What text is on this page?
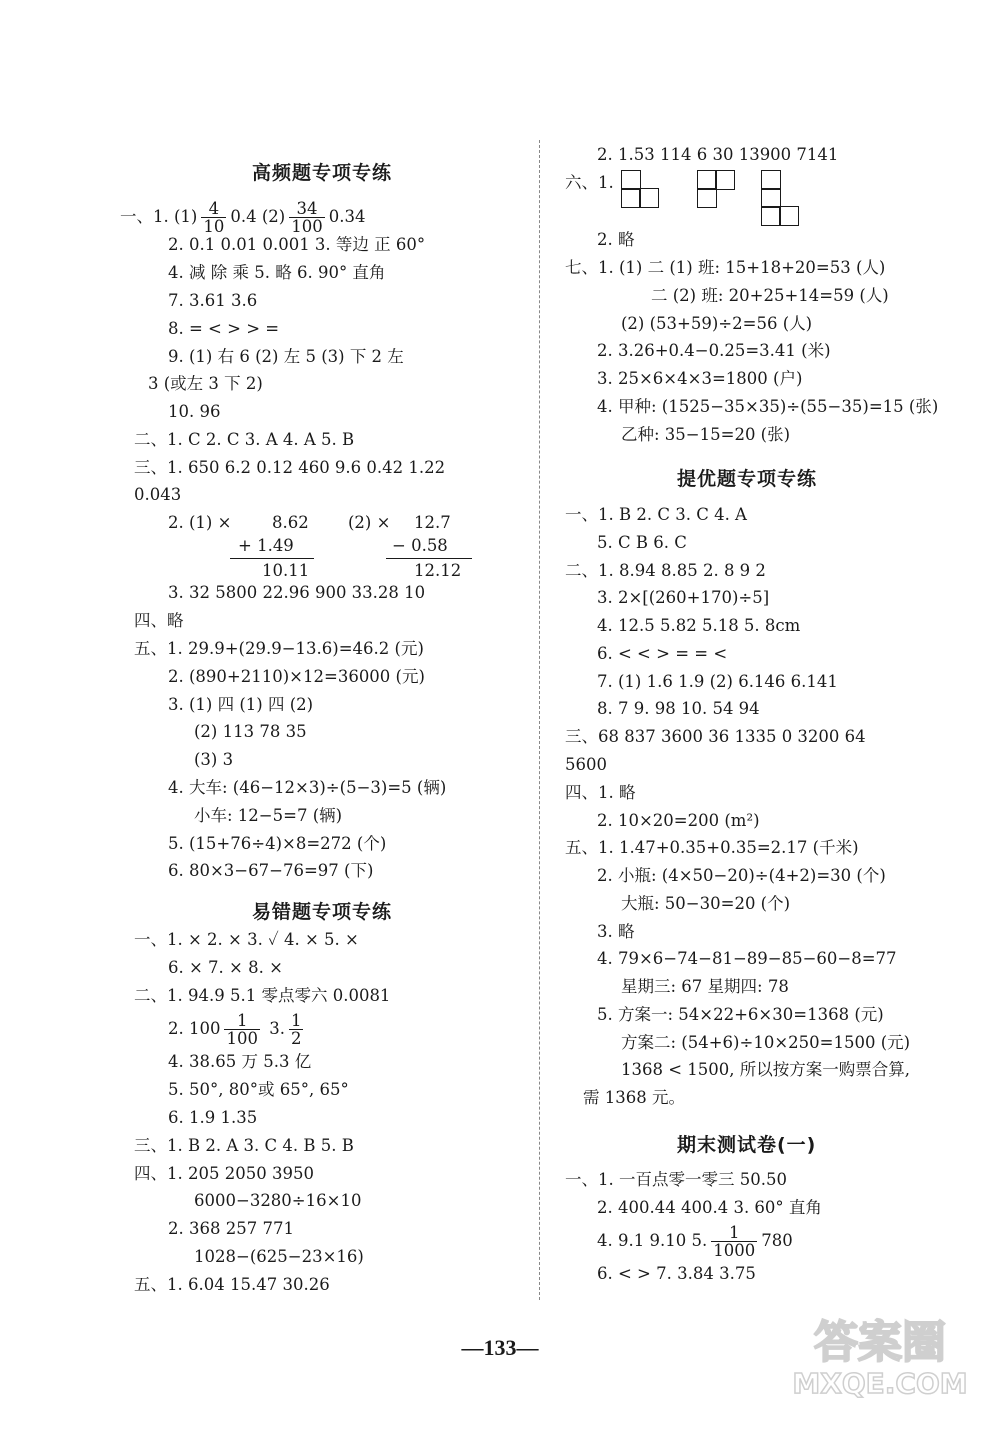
高频题专项专练
一、1. $(1) \frac{4}{10} 0.4$ $(2) \frac{34}{100} 0.34$
2. 0.1 0.01 0.001 3. 等边 正 60°
4. 减 除 乘 5. 略 6. 90° 直角
7. 3.61 3.6
8. = < > > =
9. (1) 右 6 (2) 左 5 (3) 下 2 左
3 (或左 3 下 2)
10. 96
二、1. C 2. C 3. A 4. A 5. B
三、1. 650 6.2 0.12 460 9.6 0.42 1.22
0.043
2. (1) × 8.62
+ 1.49
10.11
(2) × 12.7
− 0.58
12.12
3. 32 5800 22.96 900 33.28 10
四、略
五、1. 29.9+(29.9−13.6)=46.2 (元)
2. (890+2110)×12=36000 (元)
3. (1) 四 (1) 四 (2)
(2) 113 78 35
(3) 3
4. 大车: (46−12×3)÷(5−3)=5 (辆)
小车: 12−5=7 (辆)
5. (15+76÷4)×8=272 (个)
6. 80×3−67−76=97 (下)
易错题专项专练
一、1. × 2. × 3. ✓ 4. × 5. ×
6. × 7. × 8. ×
二、1. 94.9 5.1 零点零六 0.0081
2. $100 \frac{1}{100} 3$. $\frac{1}{2}$
4. 38.65 万 5.3 亿
5. 50°, 80°或 65°, 65°
6. 1.9 1.35
三、1. B 2. A 3. C 4. B 5. B
四、1. 205 2050 3950
6000−3280÷16×10
2. 368 257 771
1028−(625−23×16)
五、1. 6.04 15.47 30.26
2. 1.53 114 6 30 13900 7141
六、1.
2. 略
七、1. (1) 二 (1) 班: 15+18+20=53 (人)
二 (2) 班: 20+25+14=59 (人)
(2) (53+59)÷2=56 (人)
2. 3.26+0.4−0.25=3.41 (米)
3. 25×6×4×3=1800 (户)
4. 甲种: (1525−35×35)÷(55−35)=15 (张)
乙种: 35−15=20 (张)
提优题专项专练
一、1. B 2. C 3. C 4. A
5. C B 6. C
二、1. 8.94 8.85 2. 8 9 2
3. 2×[(260+170)÷5]
4. 12.5 5.82 5.18 5. 8cm
6. < < > = = <
7. (1) 1.6 1.9 (2) 6.146 6.141
8. 7 9. 98 10. 54 94
三、68 837 3600 36 1335 0 3200 64
5600
四、1. 略
2. 10×20=200 (m²)
五、1. 1.47+0.35+0.35=2.17 (千米)
2. 小瓶: (4×50−20)÷(4+2)=30 (个)
大瓶: 50−30=20 (个)
3. 略
4. 79×6−74−81−89−85−60−8=77
星期三: 67 星期四: 78
5. 方案一: 54×22+6×30=1368 (元)
方案二: (54+6)÷10×250=1500 (元)
1368 < 1500, 所以按方案一购票合算,
需 1368 元。
期末测试卷(一)
一、1. 一百点零一零三 50.50
2. 400.44 400.4 3. 60° 直角
4. 9.1 9.10 5. $\frac{1}{1000} 780$
6. < > 7. 3.84 3.75
—133—	答案圈
MXQE.COM
